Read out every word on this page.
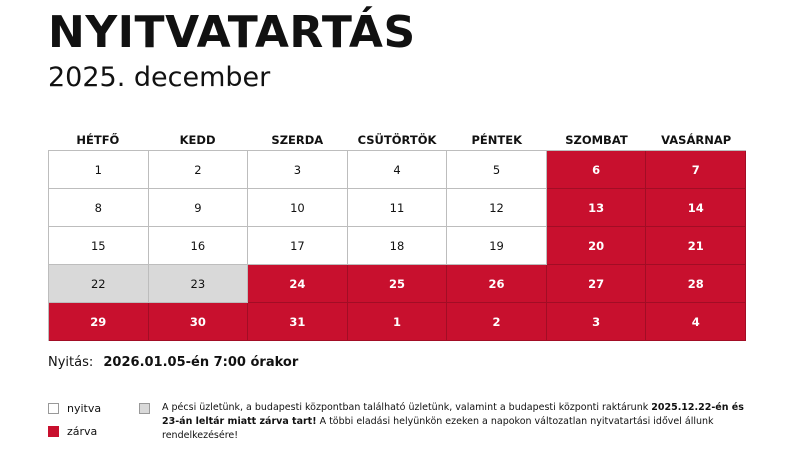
NYITVATARTÁS
2025. december
HÉTFŐ	KEDD	SZERDA	CSÜTÖRTÖK	PÉNTEK	SZOMBAT	VASÁRNAP
1	2	3	4	5	6	7
8	9	10	11	12	13	14
15	16	17	18	19	20	21
22	23	24	25	26	27	28
29	30	31	1	2	3	4
Nyitás: 2026.01.05-én 7:00 órakor
nyitva
zárva
A pécsi üzletünk, a budapesti központban található üzletünk, valamint a budapesti központi raktárunk 2025.12.22-én és 23-án leltár miatt zárva tart! A többi eladási helyünkön ezeken a napokon változatlan nyitvatartási idővel állunk rendelkezésére!
